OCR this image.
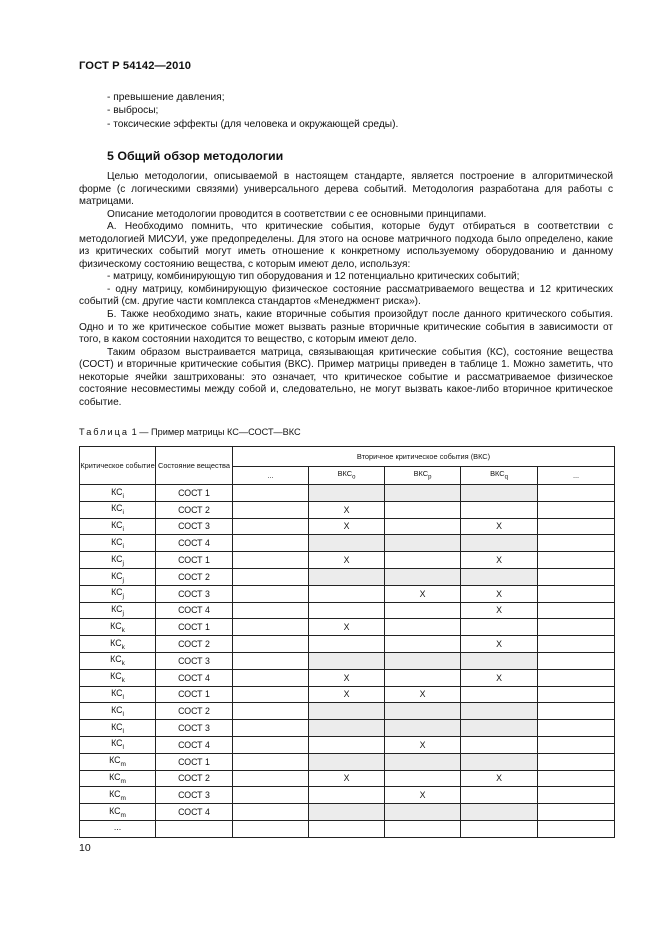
ГОСТ Р 54142—2010
- превышение давления;
- выбросы;
- токсические эффекты (для человека и окружающей среды).
5 Общий обзор методологии

Целью методологии, описываемой в настоящем стандарте, является построение в алгоритмической форме (с логическими связями) универсального дерева событий. Методология разработана для работы с матрицами.

Описание методологии проводится в соответствии с ее основными принципами.

А. Необходимо помнить, что критические события, которые будут отбираться в соответствии с методологией МИСУИ, уже предопределены. Для этого на основе матричного подхода было определено, какие из критических событий могут иметь отношение к конкретному используемому оборудованию и данному физическому состоянию вещества, с которым имеют дело, используя:

- матрицу, комбинирующую тип оборудования и 12 потенциально критических событий;

- одну матрицу, комбинирующую физическое состояние рассматриваемого вещества и 12 критических событий (см. другие части комплекса стандартов «Менеджмент риска»).

Б. Также необходимо знать, какие вторичные события произойдут после данного критического события. Одно и то же критическое событие может вызвать разные вторичные критические события в зависимости от того, в каком состоянии находится то вещество, с которым имеют дело.

Таким образом выстраивается матрица, связывающая критические события (КС), состояние вещества (СОСТ) и вторичные критические события (ВКС). Пример матрицы приведен в таблице 1. Можно заметить, что некоторые ячейки заштрихованы: это означает, что критическое событие и рассматриваемое физическое состояние несовместимы между собой и, следовательно, не могут вызвать какое-либо вторичное критическое событие.

Таблица 1 — Пример матрицы КС—СОСТ—ВКС
Критическое событие	Состояние вещества	Вторичное критическое события (ВКС)				
		...	$ВКС_o$	$ВКС_p$	$ВКС_q$	...
$КС_i$	СОСТ 1					
$КС_i$	СОСТ 2		X			
$КС_i$	СОСТ 3		X		X	
$КС_i$	СОСТ 4					
$КС_j$	СОСТ 1		X		X	
$КС_j$	СОСТ 2					
$КС_j$	СОСТ 3			X	X	
$КС_j$	СОСТ 4				X	
$КС_k$	СОСТ 1		X			
$КС_k$	СОСТ 2				X	
$КС_k$	СОСТ 3					
$КС_k$	СОСТ 4		X		X	
$КС_l$	СОСТ 1		X	X		
$КС_l$	СОСТ 2					
$КС_l$	СОСТ 3					
$КС_l$	СОСТ 4			X		
$КС_m$	СОСТ 1					
$КС_m$	СОСТ 2		X		X	
$КС_m$	СОСТ 3			X		
$КС_m$	СОСТ 4					
...						
10
